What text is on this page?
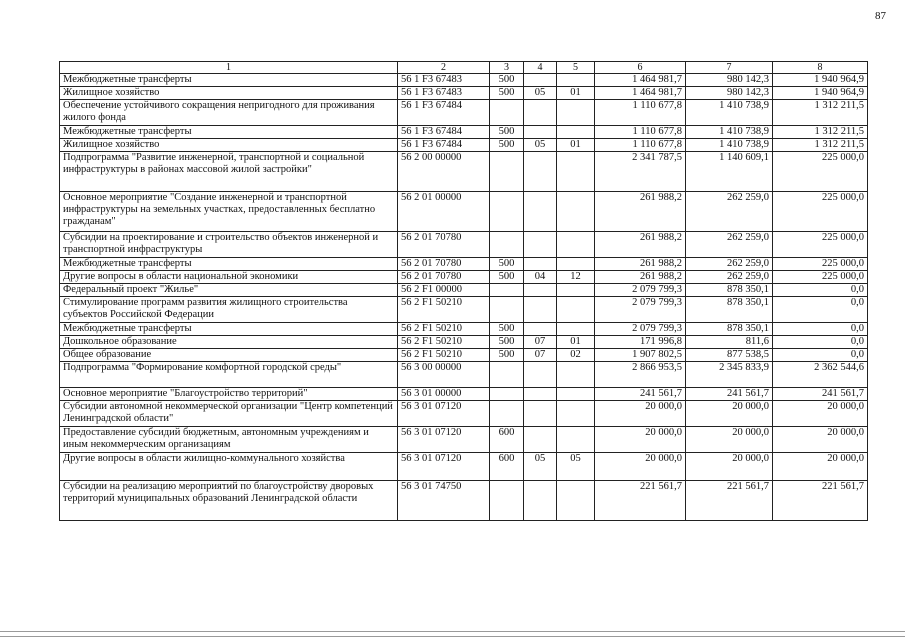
87
1	2	3	4	5	6	7	8
Межбюджетные трансферты	56 1 F3 67483	500			1 464 981,7	980 142,3	1 940 964,9
Жилищное хозяйство	56 1 F3 67483	500	05	01	1 464 981,7	980 142,3	1 940 964,9
Обеспечение устойчивого сокращения непригодного для проживания жилого фонда	56 1 F3 67484				1 110 677,8	1 410 738,9	1 312 211,5
Межбюджетные трансферты	56 1 F3 67484	500			1 110 677,8	1 410 738,9	1 312 211,5
Жилищное хозяйство	56 1 F3 67484	500	05	01	1 110 677,8	1 410 738,9	1 312 211,5
Подпрограмма "Развитие инженерной, транспортной и социальной инфраструктуры в районах массовой жилой застройки"	56 2 00 00000				2 341 787,5	1 140 609,1	225 000,0
Основное мероприятие "Создание инженерной и транспортной инфраструктуры на земельных участках, предоставленных бесплатно гражданам"	56 2 01 00000				261 988,2	262 259,0	225 000,0
Субсидии на проектирование и строительство объектов инженерной и транспортной инфраструктуры	56 2 01 70780				261 988,2	262 259,0	225 000,0
Межбюджетные трансферты	56 2 01 70780	500			261 988,2	262 259,0	225 000,0
Другие вопросы в области национальной экономики	56 2 01 70780	500	04	12	261 988,2	262 259,0	225 000,0
Федеральный проект "Жилье"	56 2 F1 00000				2 079 799,3	878 350,1	0,0
Стимулирование программ развития жилищного строительства субъектов Российской Федерации	56 2 F1 50210				2 079 799,3	878 350,1	0,0
Межбюджетные трансферты	56 2 F1 50210	500			2 079 799,3	878 350,1	0,0
Дошкольное образование	56 2 F1 50210	500	07	01	171 996,8	811,6	0,0
Общее образование	56 2 F1 50210	500	07	02	1 907 802,5	877 538,5	0,0
Подпрограмма "Формирование комфортной городской среды"	56 3 00 00000				2 866 953,5	2 345 833,9	2 362 544,6
Основное мероприятие "Благоустройство территорий"	56 3 01 00000				241 561,7	241 561,7	241 561,7
Субсидии автономной некоммерческой организации "Центр компетенций Ленинградской области"	56 3 01 07120				20 000,0	20 000,0	20 000,0
Предоставление субсидий бюджетным, автономным учреждениям и иным некоммерческим организациям	56 3 01 07120	600			20 000,0	20 000,0	20 000,0
Другие вопросы в области жилищно-коммунального хозяйства	56 3 01 07120	600	05	05	20 000,0	20 000,0	20 000,0
Субсидии на реализацию мероприятий по благоустройству дворовых территорий муниципальных образований Ленинградской области	56 3 01 74750				221 561,7	221 561,7	221 561,7
